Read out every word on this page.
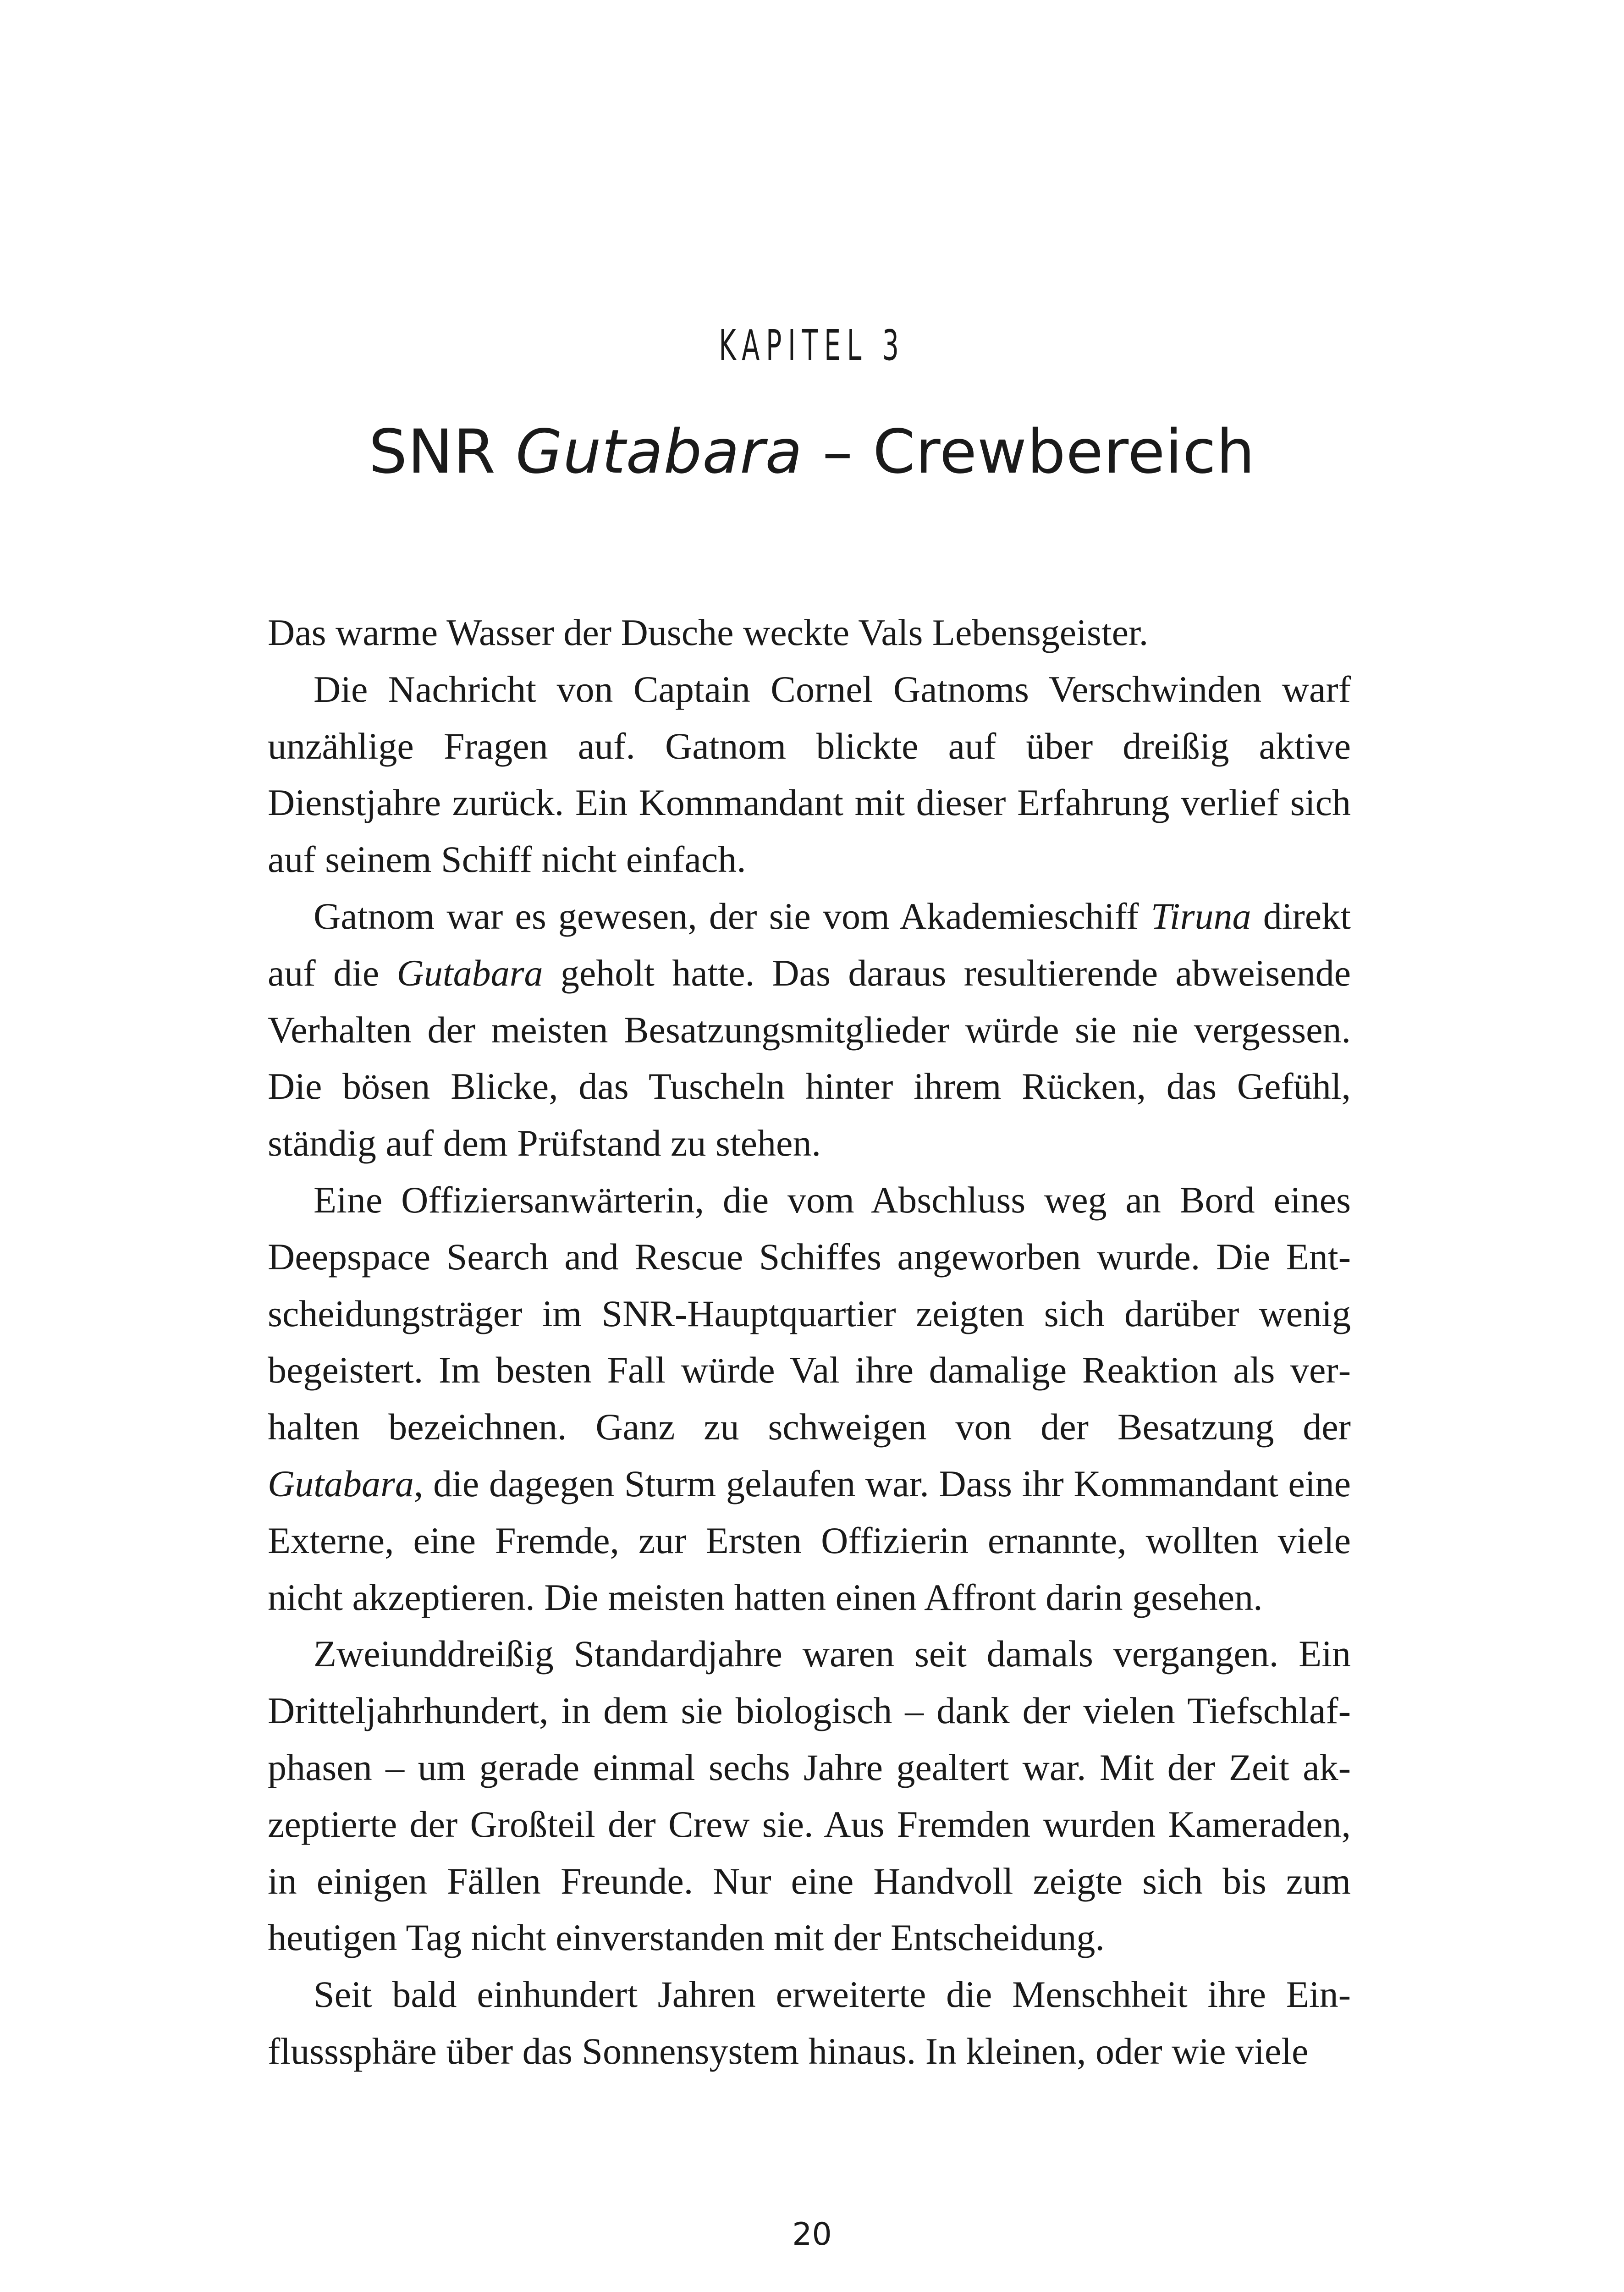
KAPITEL 3
SNR Gutabara – Crewbereich

Das warme Wasser der Dusche weckte Vals Lebensgeister.

Die Nachricht von Captain Cornel Gatnoms Verschwinden warf unzählige Fragen auf. Gatnom blickte auf über dreißig aktive Dienstjahre zurück. Ein Kommandant mit dieser Erfahrung verlief sich auf seinem Schiff nicht einfach.

Gatnom war es gewesen, der sie vom Akademieschiff Tiruna direkt auf die Gutabara geholt hatte. Das daraus resultierende abweisende Verhalten der meisten Besatzungsmitglieder würde sie nie vergessen. Die bösen Blicke, das Tuscheln hinter ihrem Rücken, das Gefühl, ständig auf dem Prüfstand zu stehen.

Eine Offiziersanwärterin, die vom Abschluss weg an Bord eines Deepspace Search and Rescue Schiffes angeworben wurde. Die Entscheidungsträger im SNR-Hauptquartier zeigten sich darüber wenig begeistert. Im besten Fall würde Val ihre damalige Reaktion als verhalten bezeichnen. Ganz zu schweigen von der Besatzung der Gutabara, die dagegen Sturm gelaufen war. Dass ihr Kommandant eine Externe, eine Fremde, zur Ersten Offizierin ernannte, wollten viele nicht akzeptieren. Die meisten hatten einen Affront darin gesehen.

Zweiunddreißig Standardjahre waren seit damals vergangen. Ein Dritteljahrhundert, in dem sie biologisch – dank der vielen Tiefschlafphasen – um gerade einmal sechs Jahre gealtert war. Mit der Zeit akzeptierte der Großteil der Crew sie. Aus Fremden wurden Kameraden, in einigen Fällen Freunde. Nur eine Handvoll zeigte sich bis zum heutigen Tag nicht einverstanden mit der Entscheidung.

Seit bald einhundert Jahren erweiterte die Menschheit ihre Einflusssphäre über das Sonnensystem hinaus. In kleinen, oder wie viele

20
